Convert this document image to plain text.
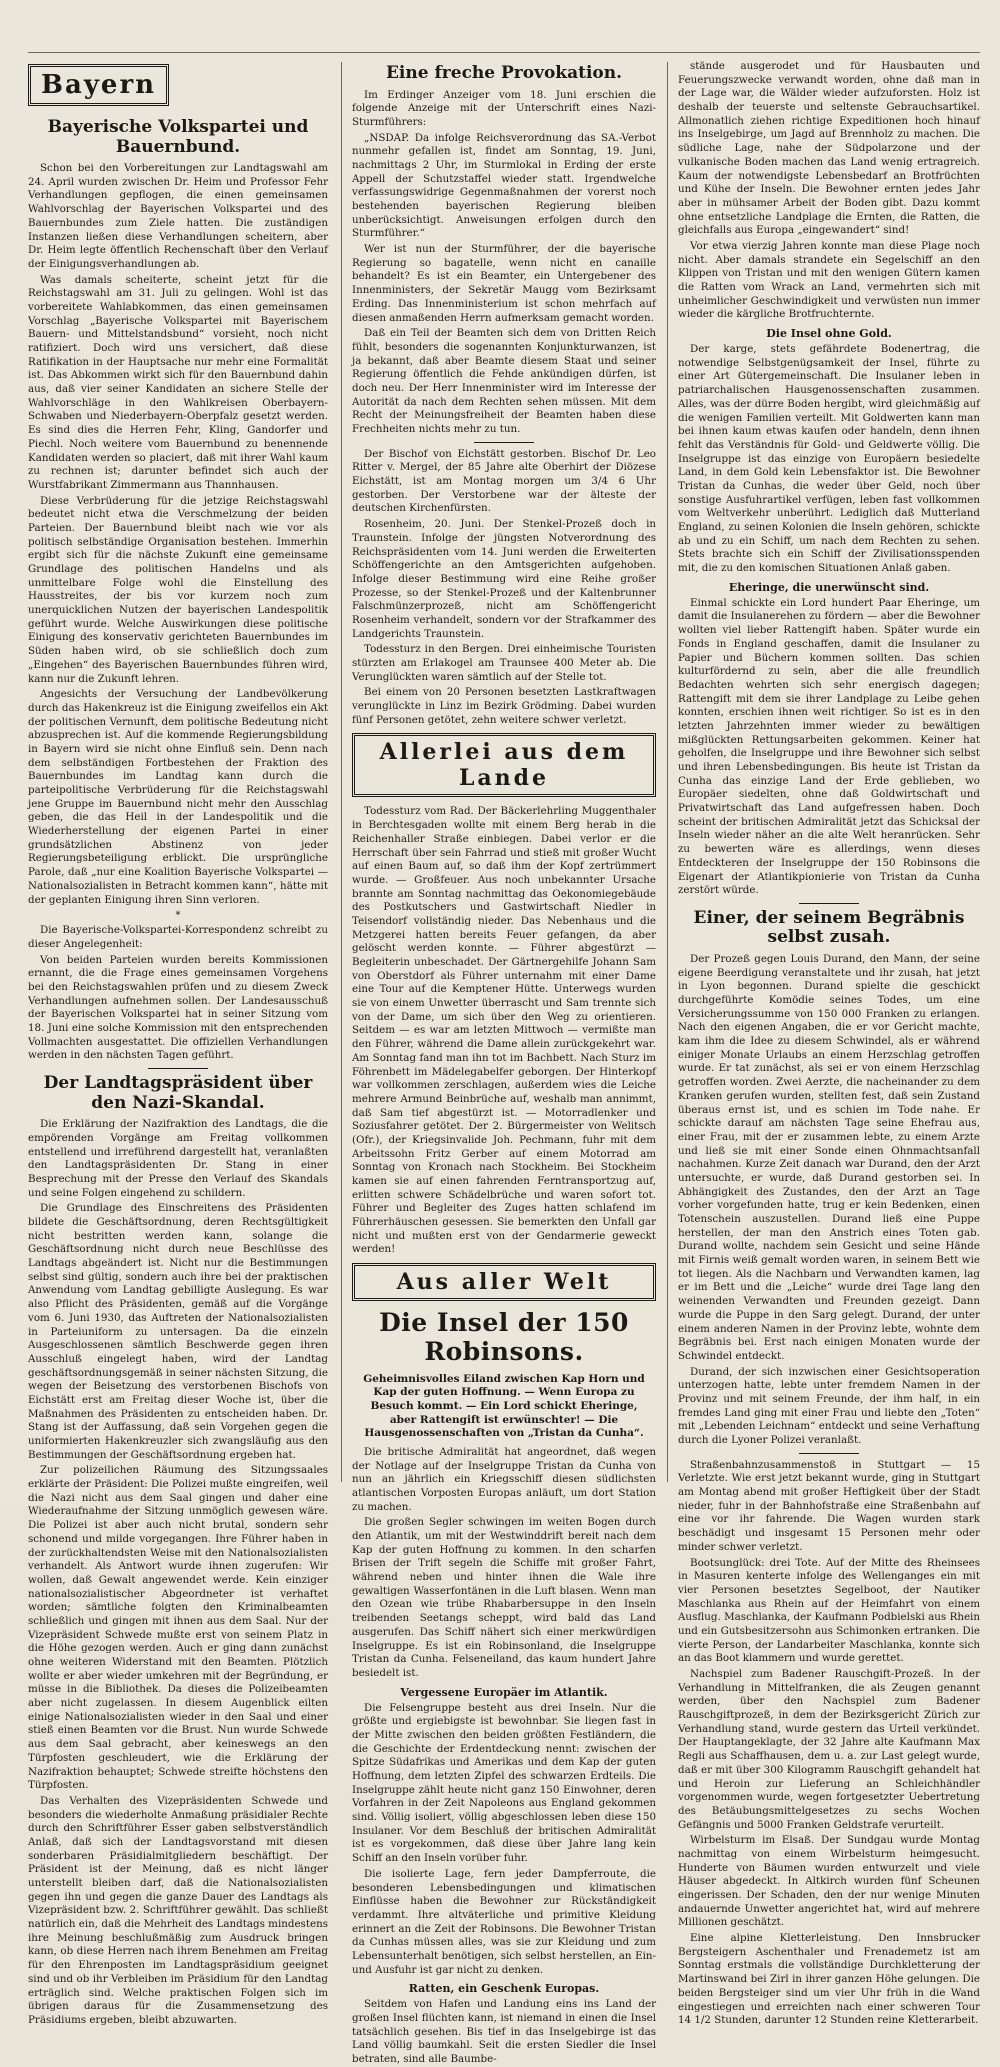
Bayern
Bayerische Volkspartei und Bauernbund.

Schon bei den Vorbereitungen zur Landtagswahl am 24. April wurden zwischen Dr. Heim und Professor Fehr Verhandlungen gepflogen, die einen gemeinsamen Wahlvorschlag der Bayerischen Volkspartei und des Bauernbundes zum Ziele hatten. Die zuständigen Instanzen ließen diese Verhandlungen scheitern, aber Dr. Heim legte öffentlich Rechenschaft über den Verlauf der Einigungsverhandlungen ab.

Was damals scheiterte, scheint jetzt für die Reichstagswahl am 31. Juli zu gelingen. Wohl ist das vorbereitete Wahlabkommen, das einen gemeinsamen Vorschlag „Bayerische Volkspartei mit Bayerischem Bauern- und Mittelstandsbund“ vorsieht, noch nicht ratifiziert. Doch wird uns versichert, daß diese Ratifikation in der Hauptsache nur mehr eine Formalität ist. Das Abkommen wirkt sich für den Bauernbund dahin aus, daß vier seiner Kandidaten an sichere Stelle der Wahlvorschläge in den Wahlkreisen Oberbayern-Schwaben und Niederbayern-Oberpfalz gesetzt werden. Es sind dies die Herren Fehr, Kling, Gandorfer und Piechl. Noch weitere vom Bauernbund zu benennende Kandidaten werden so placiert, daß mit ihrer Wahl kaum zu rechnen ist; darunter befindet sich auch der Wurstfabrikant Zimmermann aus Thannhausen.

Diese Verbrüderung für die jetzige Reichstagswahl bedeutet nicht etwa die Verschmelzung der beiden Parteien. Der Bauernbund bleibt nach wie vor als politisch selbständige Organisation bestehen. Immerhin ergibt sich für die nächste Zukunft eine gemeinsame Grundlage des politischen Handelns und als unmittelbare Folge wohl die Einstellung des Hausstreites, der bis vor kurzem noch zum unerquicklichen Nutzen der bayerischen Landespolitik geführt wurde. Welche Auswirkungen diese politische Einigung des konservativ gerichteten Bauernbundes im Süden haben wird, ob sie schließlich doch zum „Eingehen“ des Bayerischen Bauernbundes führen wird, kann nur die Zukunft lehren.

Angesichts der Versuchung der Landbevölkerung durch das Hakenkreuz ist die Einigung zweifellos ein Akt der politischen Vernunft, dem politische Bedeutung nicht abzusprechen ist. Auf die kommende Regierungsbildung in Bayern wird sie nicht ohne Einfluß sein. Denn nach dem selbständigen Fortbestehen der Fraktion des Bauernbundes im Landtag kann durch die parteipolitische Verbrüderung für die Reichstagswahl jene Gruppe im Bauernbund nicht mehr den Ausschlag geben, die das Heil in der Landespolitik und die Wiederherstellung der eigenen Partei in einer grundsätzlichen Abstinenz von jeder Regierungsbeteiligung erblickt. Die ursprüngliche Parole, daß „nur eine Koalition Bayerische Volkspartei — Nationalsozialisten in Betracht kommen kann“, hätte mit der geplanten Einigung ihren Sinn verloren.

*

Die Bayerische-Volkspartei-Korrespondenz schreibt zu dieser Angelegenheit:

Von beiden Parteien wurden bereits Kommissionen ernannt, die die Frage eines gemeinsamen Vorgehens bei den Reichstagswahlen prüfen und zu diesem Zweck Verhandlungen aufnehmen sollen. Der Landesausschuß der Bayerischen Volkspartei hat in seiner Sitzung vom 18. Juni eine solche Kommission mit den entsprechenden Vollmachten ausgestattet. Die offiziellen Verhandlungen werden in den nächsten Tagen geführt.

Der Landtagspräsident über den Nazi-Skandal.

Die Erklärung der Nazifraktion des Landtags, die die empörenden Vorgänge am Freitag vollkommen entstellend und irreführend dargestellt hat, veranlaßten den Landtagspräsidenten Dr. Stang in einer Besprechung mit der Presse den Verlauf des Skandals und seine Folgen eingehend zu schildern.

Die Grundlage des Einschreitens des Präsidenten bildete die Geschäftsordnung, deren Rechtsgültigkeit nicht bestritten werden kann, solange die Geschäftsordnung nicht durch neue Beschlüsse des Landtags abgeändert ist. Nicht nur die Bestimmungen selbst sind gültig, sondern auch ihre bei der praktischen Anwendung vom Landtag gebilligte Auslegung. Es war also Pflicht des Präsidenten, gemäß auf die Vorgänge vom 6. Juni 1930, das Auftreten der Nationalsozialisten in Parteiuniform zu untersagen. Da die einzeln Ausgeschlossenen sämtlich Beschwerde gegen ihren Ausschluß eingelegt haben, wird der Landtag geschäftsordnungsgemäß in seiner nächsten Sitzung, die wegen der Beisetzung des verstorbenen Bischofs von Eichstätt erst am Freitag dieser Woche ist, über die Maßnahmen des Präsidenten zu entscheiden haben. Dr. Stang ist der Auffassung, daß sein Vorgehen gegen die uniformierten Hakenkreuzler sich zwangsläufig aus den Bestimmungen der Geschäftsordnung ergeben hat.

Zur polizeilichen Räumung des Sitzungssaales erklärte der Präsident: Die Polizei mußte eingreifen, weil die Nazi nicht aus dem Saal gingen und daher eine Wiederaufnahme der Sitzung unmöglich gewesen wäre. Die Polizei ist aber auch nicht brutal, sondern sehr schonend und milde vorgegangen. Ihre Führer haben in der zurückhaltendsten Weise mit den Nationalsozialisten verhandelt. Als Antwort wurde ihnen zugerufen: Wir wollen, daß Gewalt angewendet werde. Kein einziger nationalsozialistischer Abgeordneter ist verhaftet worden; sämtliche folgten den Kriminalbeamten schließlich und gingen mit ihnen aus dem Saal. Nur der Vizepräsident Schwede mußte erst von seinem Platz in die Höhe gezogen werden. Auch er ging dann zunächst ohne weiteren Widerstand mit den Beamten. Plötzlich wollte er aber wieder umkehren mit der Begründung, er müsse in die Bibliothek. Da dieses die Polizeibeamten aber nicht zugelassen. In diesem Augenblick eilten einige Nationalsozialisten wieder in den Saal und einer stieß einen Beamten vor die Brust. Nun wurde Schwede aus dem Saal gebracht, aber keineswegs an den Türpfosten geschleudert, wie die Erklärung der Nazifraktion behauptet; Schwede streifte höchstens den Türpfosten.

Das Verhalten des Vizepräsidenten Schwede und besonders die wiederholte Anmaßung präsidialer Rechte durch den Schriftführer Esser gaben selbstverständlich Anlaß, daß sich der Landtagsvorstand mit diesen sonderbaren Präsidialmitgliedern beschäftigt. Der Präsident ist der Meinung, daß es nicht länger unterstellt bleiben darf, daß die Nationalsozialisten gegen ihn und gegen die ganze Dauer des Landtags als Vizepräsident bzw. 2. Schriftführer gewählt. Das schließt natürlich ein, daß die Mehrheit des Landtags mindestens ihre Meinung beschlußmäßig zum Ausdruck bringen kann, ob diese Herren nach ihrem Benehmen am Freitag für den Ehrenposten im Landtagspräsidium geeignet sind und ob ihr Verbleiben im Präsidium für den Landtag erträglich sind. Welche praktischen Folgen sich im übrigen daraus für die Zusammensetzung des Präsidiums ergeben, bleibt abzuwarten.

Eine freche Provokation.

Im Erdinger Anzeiger vom 18. Juni erschien die folgende Anzeige mit der Unterschrift eines Nazi-Sturmführers:

„NSDAP. Da infolge Reichsverordnung das SA.-Verbot nunmehr gefallen ist, findet am Sonntag, 19. Juni, nachmittags 2 Uhr, im Sturmlokal in Erding der erste Appell der Schutzstaffel wieder statt. Irgendwelche verfassungswidrige Gegenmaßnahmen der vorerst noch bestehenden bayerischen Regierung bleiben unberücksichtigt. Anweisungen erfolgen durch den Sturmführer.“

Wer ist nun der Sturmführer, der die bayerische Regierung so bagatelle, wenn nicht en canaille behandelt? Es ist ein Beamter, ein Untergebener des Innenministers, der Sekretär Maugg vom Bezirksamt Erding. Das Innenministerium ist schon mehrfach auf diesen anmaßenden Herrn aufmerksam gemacht worden.

Daß ein Teil der Beamten sich dem von Dritten Reich fühlt, besonders die sogenannten Konjunkturwanzen, ist ja bekannt, daß aber Beamte diesem Staat und seiner Regierung öffentlich die Fehde ankündigen dürfen, ist doch neu. Der Herr Innenminister wird im Interesse der Autorität da nach dem Rechten sehen müssen. Mit dem Recht der Meinungsfreiheit der Beamten haben diese Frechheiten nichts mehr zu tun.

Der Bischof von Eichstätt gestorben. Bischof Dr. Leo Ritter v. Mergel, der 85 Jahre alte Oberhirt der Diözese Eichstätt, ist am Montag morgen um 3/4 6 Uhr gestorben. Der Verstorbene war der älteste der deutschen Kirchenfürsten.

Rosenheim, 20. Juni. Der Stenkel-Prozeß doch in Traunstein. Infolge der jüngsten Notverordnung des Reichspräsidenten vom 14. Juni werden die Erweiterten Schöffengerichte an den Amtsgerichten aufgehoben. Infolge dieser Bestimmung wird eine Reihe großer Prozesse, so der Stenkel-Prozeß und der Kaltenbrunner Falschmünzerprozeß, nicht am Schöffengericht Rosenheim verhandelt, sondern vor der Strafkammer des Landgerichts Traunstein.

Todessturz in den Bergen. Drei einheimische Touristen stürzten am Erlakogel am Traunsee 400 Meter ab. Die Verunglückten waren sämtlich auf der Stelle tot.

Bei einem von 20 Personen besetzten Lastkraftwagen verunglückte in Linz im Bezirk Grödming. Dabei wurden fünf Personen getötet, zehn weitere schwer verletzt.

Allerlei aus dem Lande

Todessturz vom Rad. Der Bäckerlehrling Muggenthaler in Berchtesgaden wollte mit einem Berg herab in die Reichenhaller Straße einbiegen. Dabei verlor er die Herrschaft über sein Fahrrad und stieß mit großer Wucht auf einen Baum auf, so daß ihm der Kopf zertrümmert wurde. — Großfeuer. Aus noch unbekannter Ursache brannte am Sonntag nachmittag das Oekonomiegebäude des Postkutschers und Gastwirtschaft Niedler in Teisendorf vollständig nieder. Das Nebenhaus und die Metzgerei hatten bereits Feuer gefangen, da aber gelöscht werden konnte. — Führer abgestürzt — Begleiterin unbeschadet. Der Gärtnergehilfe Johann Sam von Oberstdorf als Führer unternahm mit einer Dame eine Tour auf die Kemptener Hütte. Unterwegs wurden sie von einem Unwetter überrascht und Sam trennte sich von der Dame, um sich über den Weg zu orientieren. Seitdem — es war am letzten Mittwoch — vermißte man den Führer, während die Dame allein zurückgekehrt war. Am Sonntag fand man ihn tot im Bachbett. Nach Sturz im Föhrenbett im Mädelegabelfer geborgen. Der Hinterkopf war vollkommen zerschlagen, außerdem wies die Leiche mehrere Armund Beinbrüche auf, weshalb man annimmt, daß Sam tief abgestürzt ist. — Motorradlenker und Soziusfahrer getötet. Der 2. Bürgermeister von Welitsch (Ofr.), der Kriegsinvalide Joh. Pechmann, fuhr mit dem Arbeitssohn Fritz Gerber auf einem Motorrad am Sonntag von Kronach nach Stockheim. Bei Stockheim kamen sie auf einen fahrenden Ferntransportzug auf, erlitten schwere Schädelbrüche und waren sofort tot. Führer und Begleiter des Zuges hatten schlafend im Führerhäuschen gesessen. Sie bemerkten den Unfall gar nicht und mußten erst von der Gendarmerie geweckt werden!

Aus aller Welt
Die Insel der 150 Robinsons.
Geheimnisvolles Eiland zwischen Kap Horn und Kap der guten Hoffnung. — Wenn Europa zu Besuch kommt. — Ein Lord schickt Eheringe, aber Rattengift ist erwünschter! — Die Hausgenossenschaften von „Tristan da Cunha“.

Die britische Admiralität hat angeordnet, daß wegen der Notlage auf der Inselgruppe Tristan da Cunha von nun an jährlich ein Kriegsschiff diesen südlichsten atlantischen Vorposten Europas anläuft, um dort Station zu machen.

Die großen Segler schwingen im weiten Bogen durch den Atlantik, um mit der Westwinddrift bereit nach dem Kap der guten Hoffnung zu kommen. In den scharfen Brisen der Trift segeln die Schiffe mit großer Fahrt, während neben und hinter ihnen die Wale ihre gewaltigen Wasserfontänen in die Luft blasen. Wenn man den Ozean wie trübe Rhabarbersuppe in den Inseln treibenden Seetangs scheppt, wird bald das Land ausgerufen. Das Schiff nähert sich einer merkwürdigen Inselgruppe. Es ist ein Robinsonland, die Inselgruppe Tristan da Cunha. Felseneiland, das kaum hundert Jahre besiedelt ist.

Vergessene Europäer im Atlantik.

Die Felsengruppe besteht aus drei Inseln. Nur die größte und ergiebigste ist bewohnbar. Sie liegen fast in der Mitte zwischen den beiden größten Festländern, die die Geschichte der Erdentdeckung nennt: zwischen der Spitze Südafrikas und Amerikas und dem Kap der guten Hoffnung, dem letzten Zipfel des schwarzen Erdteils. Die Inselgruppe zählt heute nicht ganz 150 Einwohner, deren Vorfahren in der Zeit Napoleons aus England gekommen sind. Völlig isoliert, völlig abgeschlossen leben diese 150 Insulaner. Vor dem Beschluß der britischen Admiralität ist es vorgekommen, daß diese über Jahre lang kein Schiff an den Inseln vorüber fuhr.

Die isolierte Lage, fern jeder Dampferroute, die besonderen Lebensbedingungen und klimatischen Einflüsse haben die Bewohner zur Rückständigkeit verdammt. Ihre altväterliche und primitive Kleidung erinnert an die Zeit der Robinsons. Die Bewohner Tristan da Cunhas müssen alles, was sie zur Kleidung und zum Lebensunterhalt benötigen, sich selbst herstellen, an Ein- und Ausfuhr ist gar nicht zu denken.

Ratten, ein Geschenk Europas.

Seitdem von Hafen und Landung eins ins Land der großen Insel flüchten kann, ist niemand in einen die Insel tatsächlich gesehen. Bis tief in das Inselgebirge ist das Land völlig baumkahl. Seit die ersten Siedler die Insel betraten, sind alle Baumbe-

stände ausgerodet und für Hausbauten und Feuerungszwecke verwandt worden, ohne daß man in der Lage war, die Wälder wieder aufzuforsten. Holz ist deshalb der teuerste und seltenste Gebrauchsartikel. Allmonatlich ziehen richtige Expeditionen hoch hinauf ins Inselgebirge, um Jagd auf Brennholz zu machen. Die südliche Lage, nahe der Südpolarzone und der vulkanische Boden machen das Land wenig ertragreich. Kaum der notwendigste Lebensbedarf an Brotfrüchten und Kühe der Inseln. Die Bewohner ernten jedes Jahr aber in mühsamer Arbeit der Boden gibt. Dazu kommt ohne entsetzliche Landplage die Ernten, die Ratten, die gleichfalls aus Europa „eingewandert“ sind!

Vor etwa vierzig Jahren konnte man diese Plage noch nicht. Aber damals strandete ein Segelschiff an den Klippen von Tristan und mit den wenigen Gütern kamen die Ratten vom Wrack an Land, vermehrten sich mit unheimlicher Geschwindigkeit und verwüsten nun immer wieder die kärgliche Brotfruchternte.

Die Insel ohne Gold.

Der karge, stets gefährdete Bodenertrag, die notwendige Selbstgenügsamkeit der Insel, führte zu einer Art Gütergemeinschaft. Die Insulaner leben in patriarchalischen Hausgenossenschaften zusammen. Alles, was der dürre Boden hergibt, wird gleichmäßig auf die wenigen Familien verteilt. Mit Goldwerten kann man bei ihnen kaum etwas kaufen oder handeln, denn ihnen fehlt das Verständnis für Gold- und Geldwerte völlig. Die Inselgruppe ist das einzige von Europäern besiedelte Land, in dem Gold kein Lebensfaktor ist. Die Bewohner Tristan da Cunhas, die weder über Geld, noch über sonstige Ausfuhrartikel verfügen, leben fast vollkommen vom Weltverkehr unberührt. Lediglich daß Mutterland England, zu seinen Kolonien die Inseln gehören, schickte ab und zu ein Schiff, um nach dem Rechten zu sehen. Stets brachte sich ein Schiff der Zivilisationsspenden mit, die zu den komischen Situationen Anlaß gaben.

Eheringe, die unerwünscht sind.

Einmal schickte ein Lord hundert Paar Eheringe, um damit die Insulanerehen zu fördern — aber die Bewohner wollten viel lieber Rattengift haben. Später wurde ein Fonds in England geschaffen, damit die Insulaner zu Papier und Büchern kommen sollten. Das schien kulturfördernd zu sein, aber die alle freundlich Bedachten wehrten sich sehr energisch dagegen; Rattengift mit dem sie ihrer Landplage zu Leibe gehen konnten, erschien ihnen weit richtiger. So ist es in den letzten Jahrzehnten immer wieder zu bewältigen mißglückten Rettungsarbeiten gekommen. Keiner hat geholfen, die Inselgruppe und ihre Bewohner sich selbst und ihren Lebensbedingungen. Bis heute ist Tristan da Cunha das einzige Land der Erde geblieben, wo Europäer siedelten, ohne daß Goldwirtschaft und Privatwirtschaft das Land aufgefressen haben. Doch scheint der britischen Admiralität jetzt das Schicksal der Inseln wieder näher an die alte Welt heranrücken. Sehr zu bewerten wäre es allerdings, wenn dieses Entdeckteren der Inselgruppe der 150 Robinsons die Eigenart der Atlantikpionierie von Tristan da Cunha zerstört würde.

Einer, der seinem Begräbnis selbst zusah.

Der Prozeß gegen Louis Durand, den Mann, der seine eigene Beerdigung veranstaltete und ihr zusah, hat jetzt in Lyon begonnen. Durand spielte die geschickt durchgeführte Komödie seines Todes, um eine Versicherungssumme von 150 000 Franken zu erlangen. Nach den eigenen Angaben, die er vor Gericht machte, kam ihm die Idee zu diesem Schwindel, als er während einiger Monate Urlaubs an einem Herzschlag getroffen wurde. Er tat zunächst, als sei er von einem Herzschlag getroffen worden. Zwei Aerzte, die nacheinander zu dem Kranken gerufen wurden, stellten fest, daß sein Zustand überaus ernst ist, und es schien im Tode nahe. Er schickte darauf am nächsten Tage seine Ehefrau aus, einer Frau, mit der er zusammen lebte, zu einem Arzte und ließ sie mit einer Sonde einen Ohnmachtsanfall nachahmen. Kurze Zeit danach war Durand, den der Arzt untersuchte, er wurde, daß Durand gestorben sei. In Abhängigkeit des Zustandes, den der Arzt an Tage vorher vorgefunden hatte, trug er kein Bedenken, einen Totenschein auszustellen. Durand ließ eine Puppe herstellen, der man den Anstrich eines Toten gab. Durand wollte, nachdem sein Gesicht und seine Hände mit Firnis weiß gemalt worden waren, in seinem Bett wie tot liegen. Als die Nachbarn und Verwandten kamen, lag er im Bett und die „Leiche“ wurde drei Tage lang den weinenden Verwandten und Freunden gezeigt. Dann wurde die Puppe in den Sarg gelegt. Durand, der unter einem anderen Namen in der Provinz lebte, wohnte dem Begräbnis bei. Erst nach einigen Monaten wurde der Schwindel entdeckt.

Durand, der sich inzwischen einer Gesichtsoperation unterzogen hatte, lebte unter fremdem Namen in der Provinz und mit seinem Freunde, der ihm half, in ein fremdes Land ging mit einer Frau und liebte den „Toten“ mit „Lebenden Leichnam“ entdeckt und seine Verhaftung durch die Lyoner Polizei veranlaßt.

Straßenbahnzusammenstoß in Stuttgart — 15 Verletzte. Wie erst jetzt bekannt wurde, ging in Stuttgart am Montag abend mit großer Heftigkeit über der Stadt nieder, fuhr in der Bahnhofstraße eine Straßenbahn auf eine vor ihr fahrende. Die Wagen wurden stark beschädigt und insgesamt 15 Personen mehr oder minder schwer verletzt.

Bootsunglück: drei Tote. Auf der Mitte des Rheinsees in Masuren kenterte infolge des Wellenganges ein mit vier Personen besetztes Segelboot, der Nautiker Maschlanka aus Rhein auf der Heimfahrt von einem Ausflug. Maschlanka, der Kaufmann Podbielski aus Rhein und ein Gutsbesitzersohn aus Schimonken ertranken. Die vierte Person, der Landarbeiter Maschlanka, konnte sich an das Boot klammern und wurde gerettet.

Nachspiel zum Badener Rauschgift-Prozeß. In der Verhandlung in Mittelfranken, die als Zeugen genannt werden, über den Nachspiel zum Badener Rauschgiftprozeß, in dem der Bezirksgericht Zürich zur Verhandlung stand, wurde gestern das Urteil verkündet. Der Hauptangeklagte, der 32 Jahre alte Kaufmann Max Regli aus Schaffhausen, dem u. a. zur Last gelegt wurde, daß er mit über 300 Kilogramm Rauschgift gehandelt hat und Heroin zur Lieferung an Schleichhändler vorgenommen wurde, wegen fortgesetzter Uebertretung des Betäubungsmittelgesetzes zu sechs Wochen Gefängnis und 5000 Franken Geldstrafe verurteilt.

Wirbelsturm im Elsaß. Der Sundgau wurde Montag nachmittag von einem Wirbelsturm heimgesucht. Hunderte von Bäumen wurden entwurzelt und viele Häuser abgedeckt. In Altkirch wurden fünf Scheunen eingerissen. Der Schaden, den der nur wenige Minuten andauernde Unwetter angerichtet hat, wird auf mehrere Millionen geschätzt.

Eine alpine Kletterleistung. Den Innsbrucker Bergsteigern Aschenthaler und Frenademetz ist am Sonntag erstmals die vollständige Durchkletterung der Martinswand bei Zirl in ihrer ganzen Höhe gelungen. Die beiden Bergsteiger sind um vier Uhr früh in die Wand eingestiegen und erreichten nach einer schweren Tour 14 1/2 Stunden, darunter 12 Stunden reine Kletterarbeit.
